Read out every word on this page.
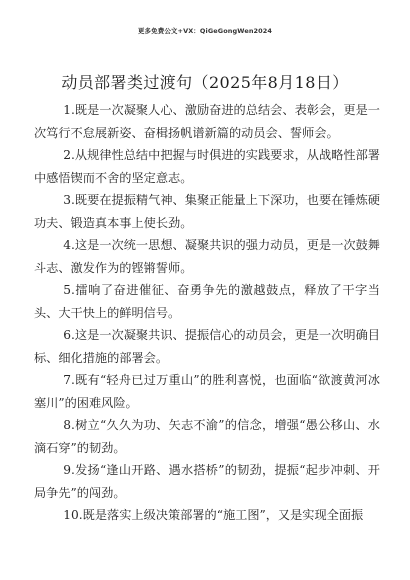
更多免费公文+VX：QiGeGongWen2024
动员部署类过渡句（2025年8月18日）

1.既是一次凝聚人心、激励奋进的总结会、表彰会，更是一次笃行不怠展新姿、奋楫扬帆谱新篇的动员会、誓师会。

2.从规律性总结中把握与时俱进的实践要求，从战略性部署中感悟锲而不舍的坚定意志。

3.既要在提振精气神、集聚正能量上下深功，也要在锤炼硬功夫、锻造真本事上使长劲。

4.这是一次统一思想、凝聚共识的强力动员，更是一次鼓舞斗志、激发作为的铿锵誓师。

5.擂响了奋进催征、奋勇争先的激越鼓点，释放了干字当头、大干快上的鲜明信号。

6.这是一次凝聚共识、提振信心的动员会，更是一次明确目标、细化措施的部署会。

7.既有“轻舟已过万重山”的胜利喜悦，也面临“欲渡黄河冰塞川”的困难风险。

8.树立“久久为功、矢志不渝”的信念，增强“愚公移山、水滴石穿”的韧劲。

9.发扬“逢山开路、遇水搭桥”的韧劲，提振“起步冲刺、开局争先”的闯劲。

10.既是落实上级决策部署的“施工图”，又是实现全面振
